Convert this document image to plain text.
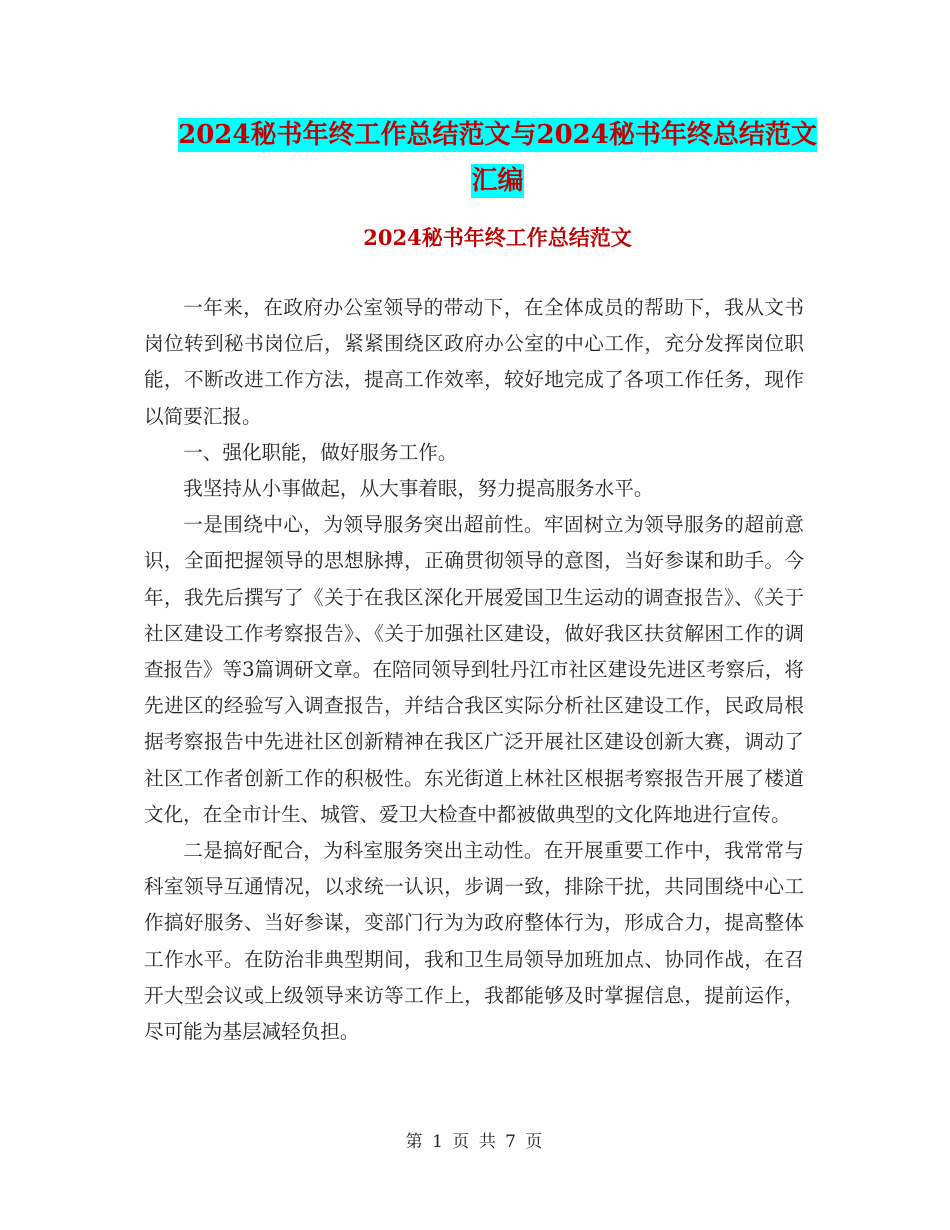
2024秘书年终工作总结范文与2024秘书年终总结范文
汇编
2024秘书年终工作总结范文

一年来，在政府办公室领导的带动下，在全体成员的帮助下，我从文书岗位转到秘书岗位后，紧紧围绕区政府办公室的中心工作，充分发挥岗位职能，不断改进工作方法，提高工作效率，较好地完成了各项工作任务，现作以简要汇报。

一、强化职能，做好服务工作。

我坚持从小事做起，从大事着眼，努力提高服务水平。

一是围绕中心，为领导服务突出超前性。牢固树立为领导服务的超前意识，全面把握领导的思想脉搏，正确贯彻领导的意图，当好参谋和助手。今年，我先后撰写了《关于在我区深化开展爱国卫生运动的调查报告》、《关于社区建设工作考察报告》、《关于加强社区建设，做好我区扶贫解困工作的调查报告》等3篇调研文章。在陪同领导到牡丹江市社区建设先进区考察后，将先进区的经验写入调查报告，并结合我区实际分析社区建设工作，民政局根据考察报告中先进社区创新精神在我区广泛开展社区建设创新大赛，调动了社区工作者创新工作的积极性。东光街道上林社区根据考察报告开展了楼道文化，在全市计生、城管、爱卫大检查中都被做典型的文化阵地进行宣传。

二是搞好配合，为科室服务突出主动性。在开展重要工作中，我常常与科室领导互通情况，以求统一认识，步调一致，排除干扰，共同围绕中心工作搞好服务、当好参谋，变部门行为为政府整体行为，形成合力，提高整体工作水平。在防治非典型期间，我和卫生局领导加班加点、协同作战，在召开大型会议或上级领导来访等工作上，我都能够及时掌握信息，提前运作，尽可能为基层减轻负担。

第 1 页 共 7 页
